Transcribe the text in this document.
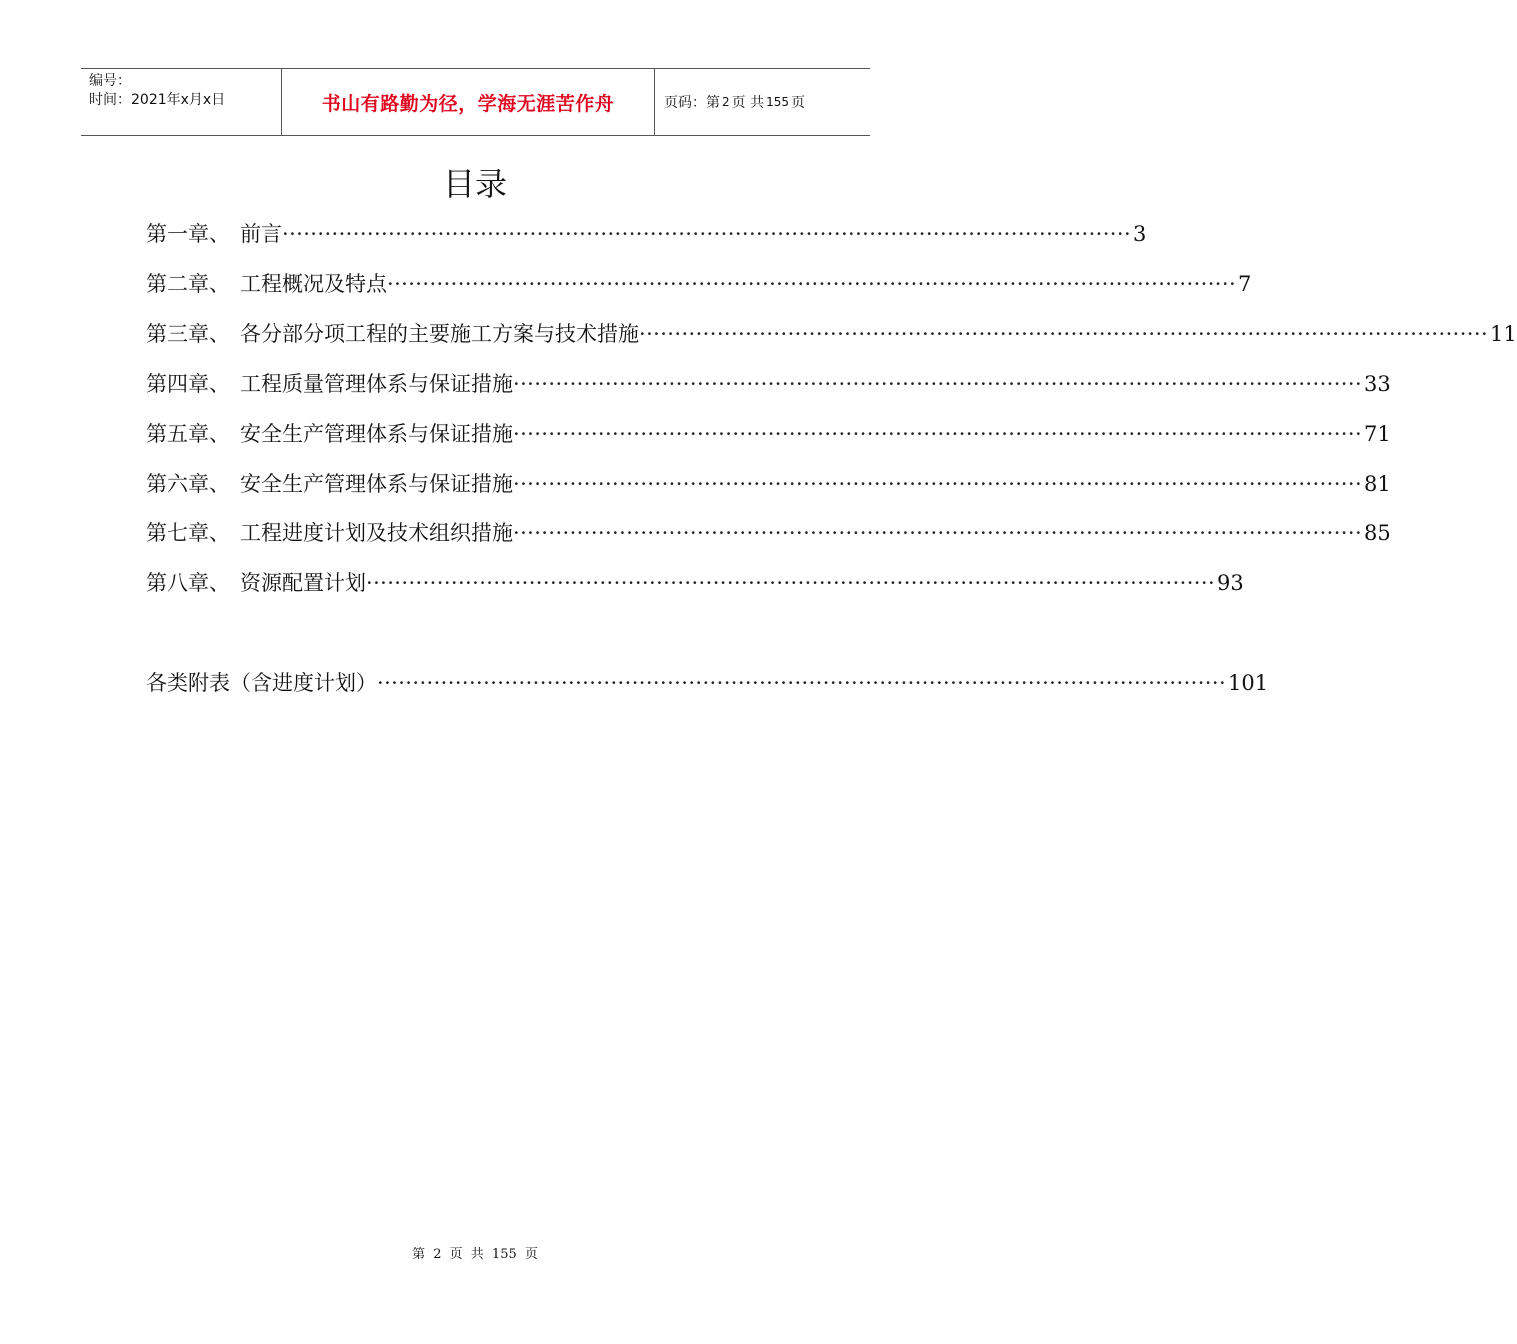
编号：
时间：2021年x月x日	书山有路勤为径，学海无涯苦作舟	页码：第 2 页 共 155 页
目录
第一章、 前言 ························································································································ 3
第二章、 工程概况及特点 ························································································································ 7
第三章、 各分部分项工程的主要施工方案与技术措施 ························································································································ 11
第四章、 工程质量管理体系与保证措施 ························································································································ 33
第五章、 安全生产管理体系与保证措施 ························································································································ 71
第六章、 安全生产管理体系与保证措施 ························································································································ 81
第七章、 工程进度计划及技术组织措施 ························································································································ 85
第八章、 资源配置计划 ························································································································ 93
各类附表（含进度计划） ························································································································ 101
第 2 页 共 155 页
